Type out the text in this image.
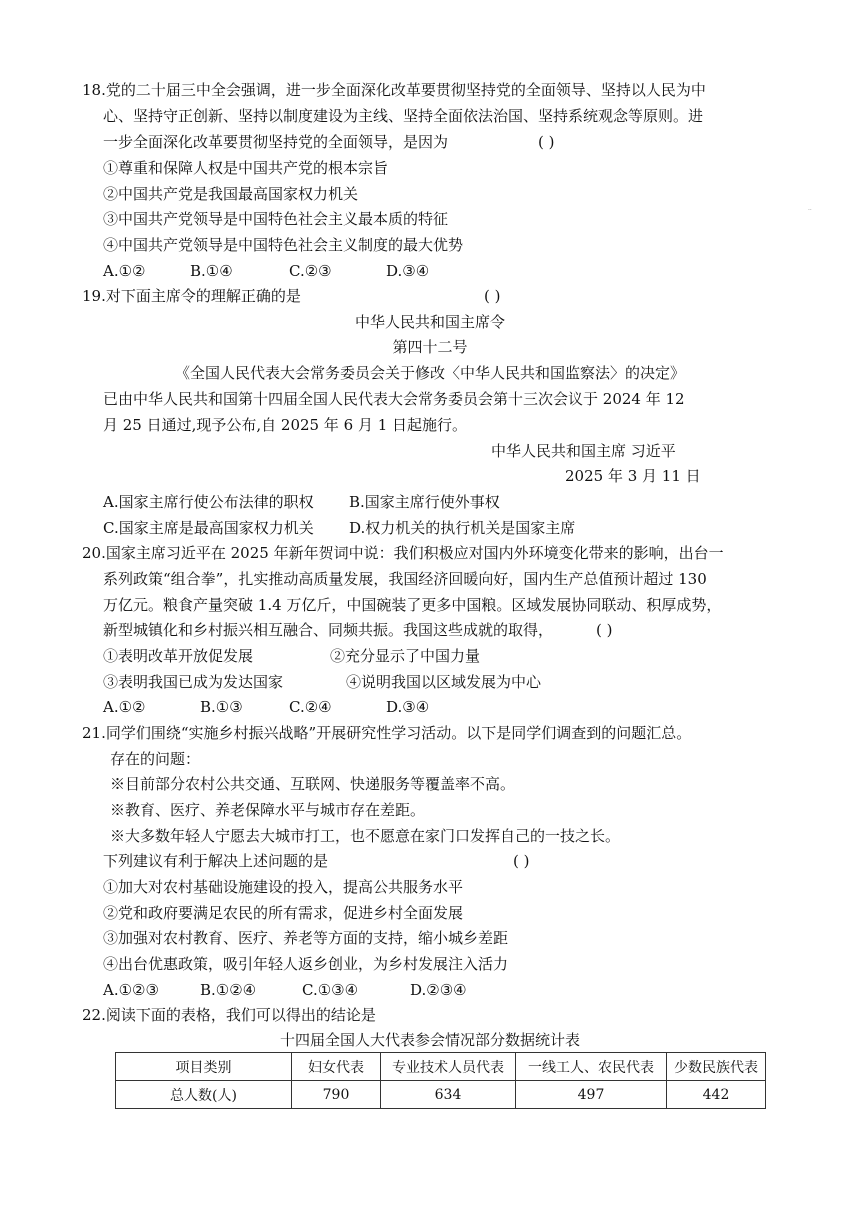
18.党的二十届三中全会强调，进一步全面深化改革要贯彻坚持党的全面领导、坚持以人民为中
心、坚持守正创新、坚持以制度建设为主线、坚持全面依法治国、坚持系统观念等原则。进
一步全面深化改革要贯彻坚持党的全面领导，是因为	( )
①尊重和保障人权是中国共产党的根本宗旨
②中国共产党是我国最高国家权力机关
③中国共产党领导是中国特色社会主义最本质的特征
④中国共产党领导是中国特色社会主义制度的最大优势
A.①②	B.①④	C.②③	D.③④
..
19.对下面主席令的理解正确的是	( )
中华人民共和国主席令
第四十二号
《全国人民代表大会常务委员会关于修改〈中华人民共和国监察法〉的决定》
已由中华人民共和国第十四届全国人民代表大会常务委员会第十三次会议于 2024 年 12
月 25 日通过,现予公布,自 2025 年 6 月 1 日起施行。
中华人民共和国主席 习近平
2025 年 3 月 11 日
A.国家主席行使公布法律的职权 B.国家主席行使外事权
C.国家主席是最高国家权力机关 D.权力机关的执行机关是国家主席
20.国家主席习近平在 2025 年新年贺词中说：我们积极应对国内外环境变化带来的影响，出台一
系列政策“组合拳”，扎实推动高质量发展，我国经济回暖向好，国内生产总值预计超过 130
万亿元。粮食产量突破 1.4 万亿斤，中国碗装了更多中国粮。区域发展协同联动、积厚成势，
新型城镇化和乡村振兴相互融合、同频共振。我国这些成就的取得，	( )
①表明改革开放促发展	②充分显示了中国力量
③表明我国已成为发达国家	④说明我国以区域发展为中心
A.①②	B.①③	C.②④	D.③④
21.同学们围绕“实施乡村振兴战略”开展研究性学习活动。以下是同学们调查到的问题汇总。
存在的问题：
※目前部分农村公共交通、互联网、快递服务等覆盖率不高。
※教育、医疗、养老保障水平与城市存在差距。
※大多数年轻人宁愿去大城市打工，也不愿意在家门口发挥自己的一技之长。
下列建议有利于解决上述问题的是	( )
①加大对农村基础设施建设的投入，提高公共服务水平
②党和政府要满足农民的所有需求，促进乡村全面发展
③加强对农村教育、医疗、养老等方面的支持，缩小城乡差距
④出台优惠政策，吸引年轻人返乡创业，为乡村发展注入活力
A.①②③	B.①②④	C.①③④	D.②③④
22.阅读下面的表格，我们可以得出的结论是
十四届全国人大代表参会情况部分数据统计表
项目类别	妇女代表	专业技术人员代表	一线工人、农民代表	少数民族代表
总人数(人)	790	634	497	442
